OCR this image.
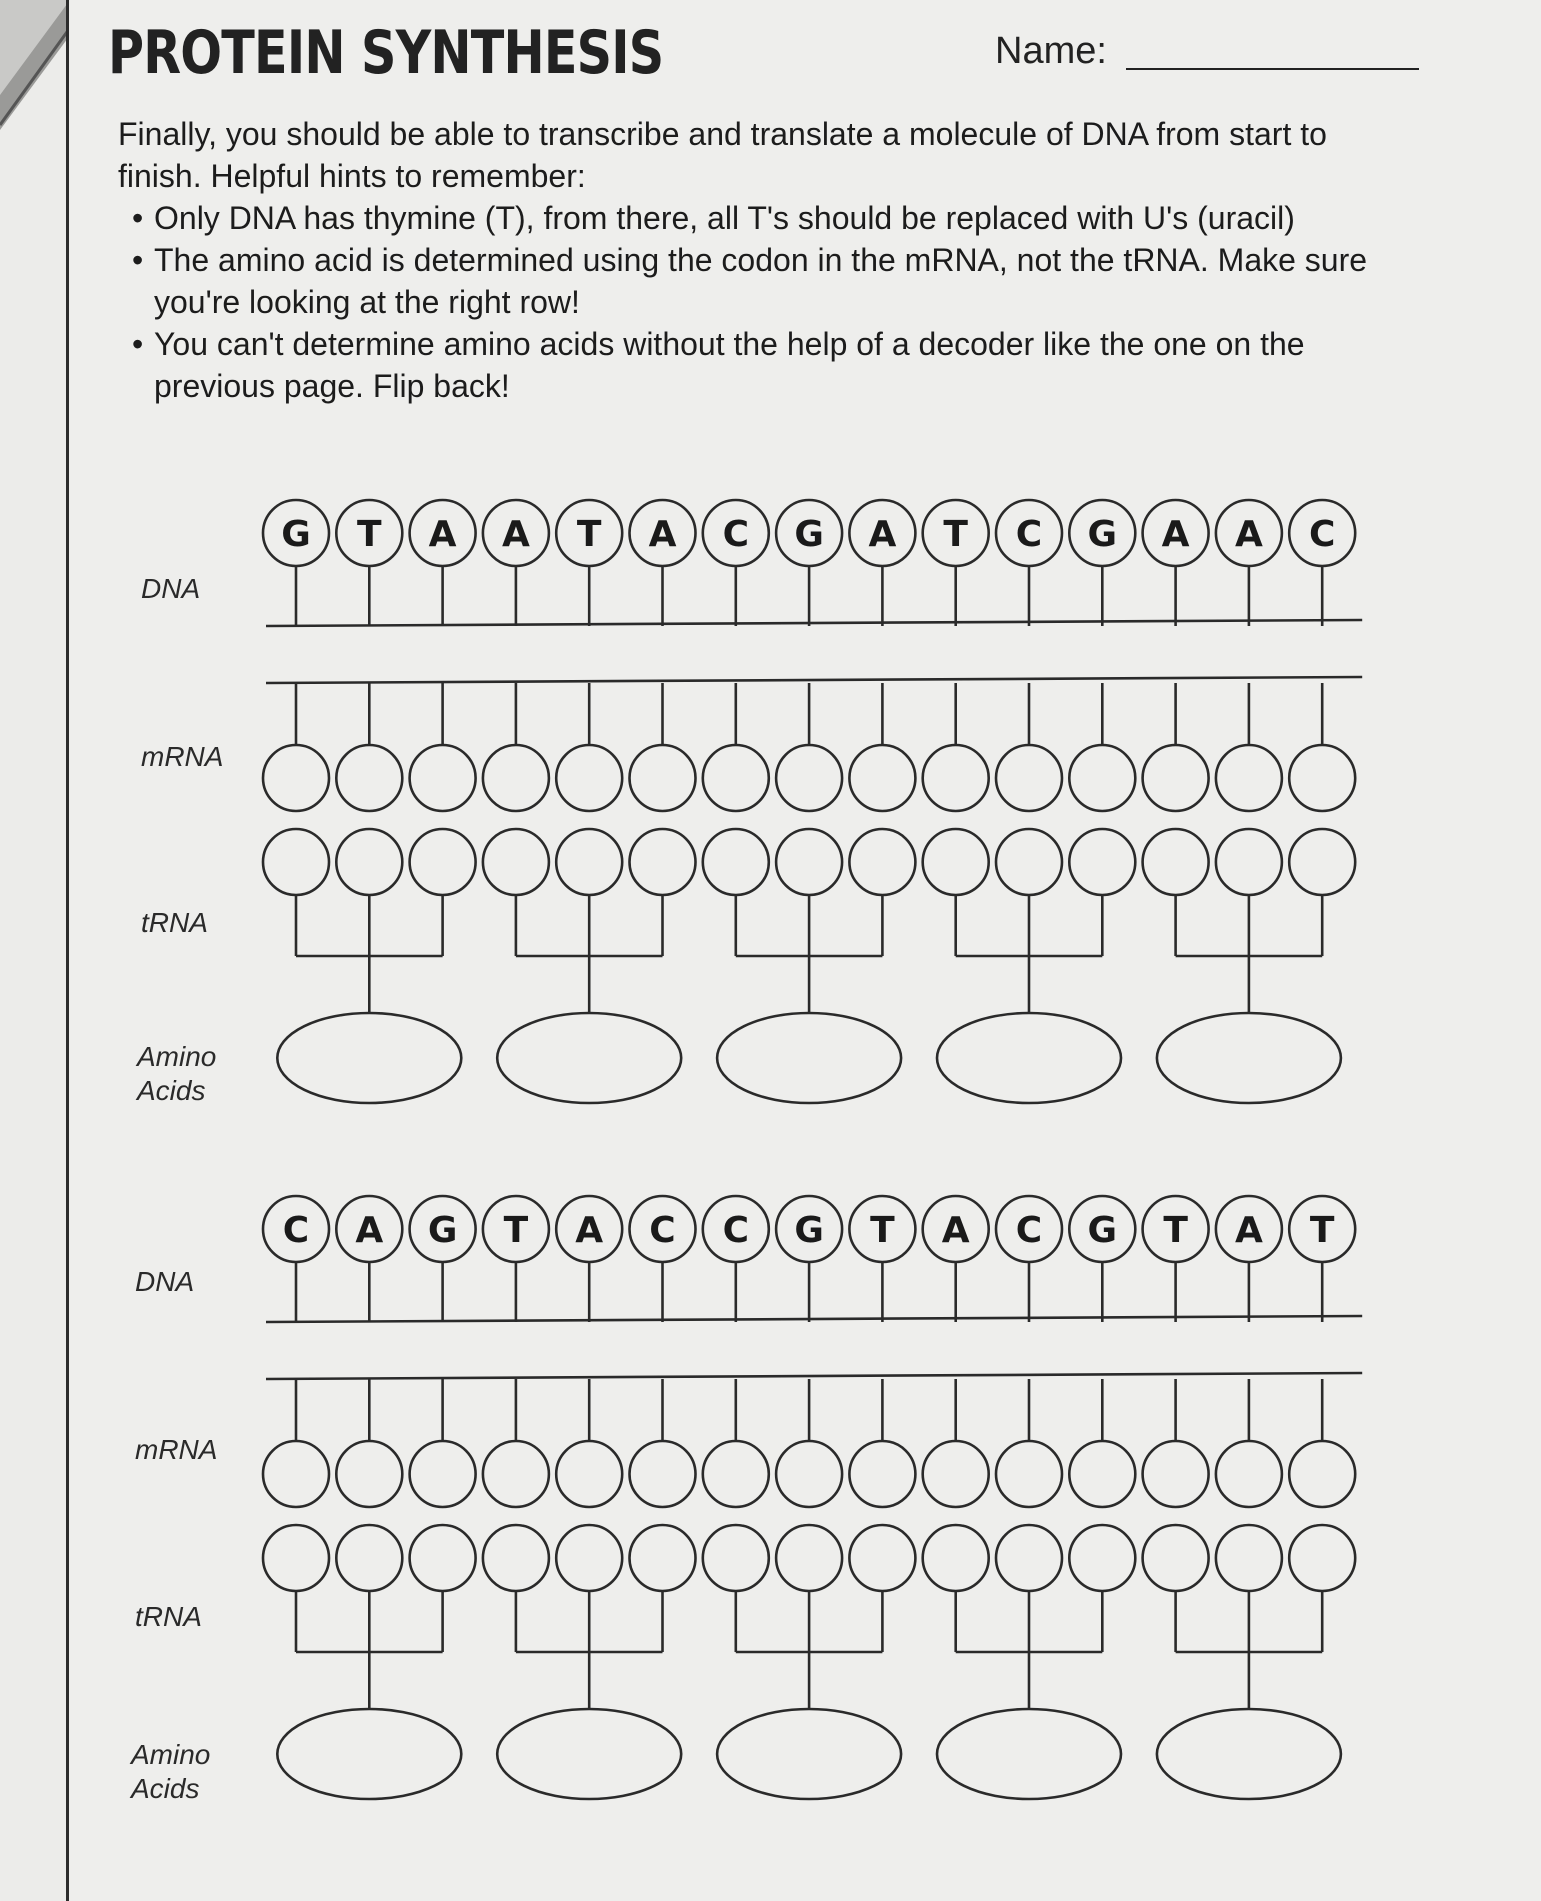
PROTEIN SYNTHESIS	Name:
Finally, you should be able to transcribe and translate a molecule of DNA from start to finish. Helpful hints to remember:
• Only DNA has thymine (T), from there, all T's should be replaced with U's (uracil)
• The amino acid is determined using the codon in the mRNA, not the tRNA. Make sure you're looking at the right row!
• You can't determine amino acids without the help of a decoder like the one on the previous page. Flip back!
DNA
mRNA
tRNA
Amino
Acids
DNA
mRNA
tRNA
Amino
Acids
G T A A T A C G A T C G A A C
C A G T A C C G T A C G T A T
